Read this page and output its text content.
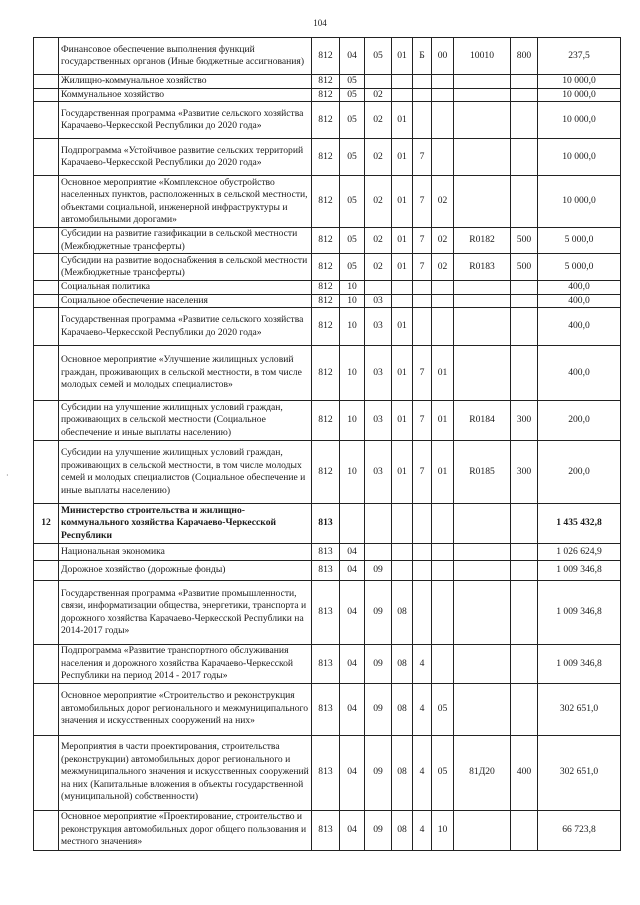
104
·
	Финансовое обеспечение выполнения функций государственных органов (Иные бюджетные ассигнования)	812	04	05	01	Б	00	10010	800	237,5
	Жилищно-коммунальное хозяйство	812	05							10 000,0
	Коммунальное хозяйство	812	05	02						10 000,0
	Государственная программа «Развитие сельского хозяйства Карачаево-Черкесской Республики до 2020 года»	812	05	02	01					10 000,0
	Подпрограмма «Устойчивое развитие сельских территорий Карачаево-Черкесской Республики до 2020 года»	812	05	02	01	7				10 000,0
	Основное мероприятие «Комплексное обустройство населенных пунктов, расположенных в сельской местности, объектами социальной, инженерной инфраструктуры и автомобильными дорогами»	812	05	02	01	7	02			10 000,0
	Субсидии на развитие газификации в сельской местности (Межбюджетные трансферты)	812	05	02	01	7	02	R0182	500	5 000,0
	Субсидии на развитие водоснабжения в сельской местности (Межбюджетные трансферты)	812	05	02	01	7	02	R0183	500	5 000,0
	Социальная политика	812	10							400,0
	Социальное обеспечение населения	812	10	03						400,0
	Государственная программа «Развитие сельского хозяйства Карачаево-Черкесской Республики до 2020 года»	812	10	03	01					400,0
	Основное мероприятие «Улучшение жилищных условий граждан, проживающих в сельской местности, в том числе молодых семей и молодых специалистов»	812	10	03	01	7	01			400,0
	Субсидии на улучшение жилищных условий граждан, проживающих в сельской местности (Социальное обеспечение и иные выплаты населению)	812	10	03	01	7	01	R0184	300	200,0
	Субсидии на улучшение жилищных условий граждан, проживающих в сельской местности, в том числе молодых семей и молодых специалистов (Социальное обеспечение и иные выплаты населению)	812	10	03	01	7	01	R0185	300	200,0
12	Министерство строительства и жилищно-коммунального хозяйства Карачаево-Черкесской Республики	813								1 435 432,8
	Национальная экономика	813	04							1 026 624,9
	Дорожное хозяйство (дорожные фонды)	813	04	09						1 009 346,8
	Государственная программа «Развитие промышленности, связи, информатизации общества, энергетики, транспорта и дорожного хозяйства Карачаево-Черкесской Республики на 2014-2017 годы»	813	04	09	08					1 009 346,8
	Подпрограмма «Развитие транспортного обслуживания населения и дорожного хозяйства Карачаево-Черкесской Республики на период 2014 - 2017 годы»	813	04	09	08	4				1 009 346,8
	Основное мероприятие «Строительство и реконструкция автомобильных дорог регионального и межмуниципального значения и искусственных сооружений на них»	813	04	09	08	4	05			302 651,0
	Мероприятия в части проектирования, строительства (реконструкции) автомобильных дорог регионального и межмуниципального значения и искусственных сооружений на них (Капитальные вложения в объекты государственной (муниципальной) собственности)	813	04	09	08	4	05	81Д20	400	302 651,0
	Основное мероприятие «Проектирование, строительство и реконструкция автомобильных дорог общего пользования и местного значения»	813	04	09	08	4	10			66 723,8
